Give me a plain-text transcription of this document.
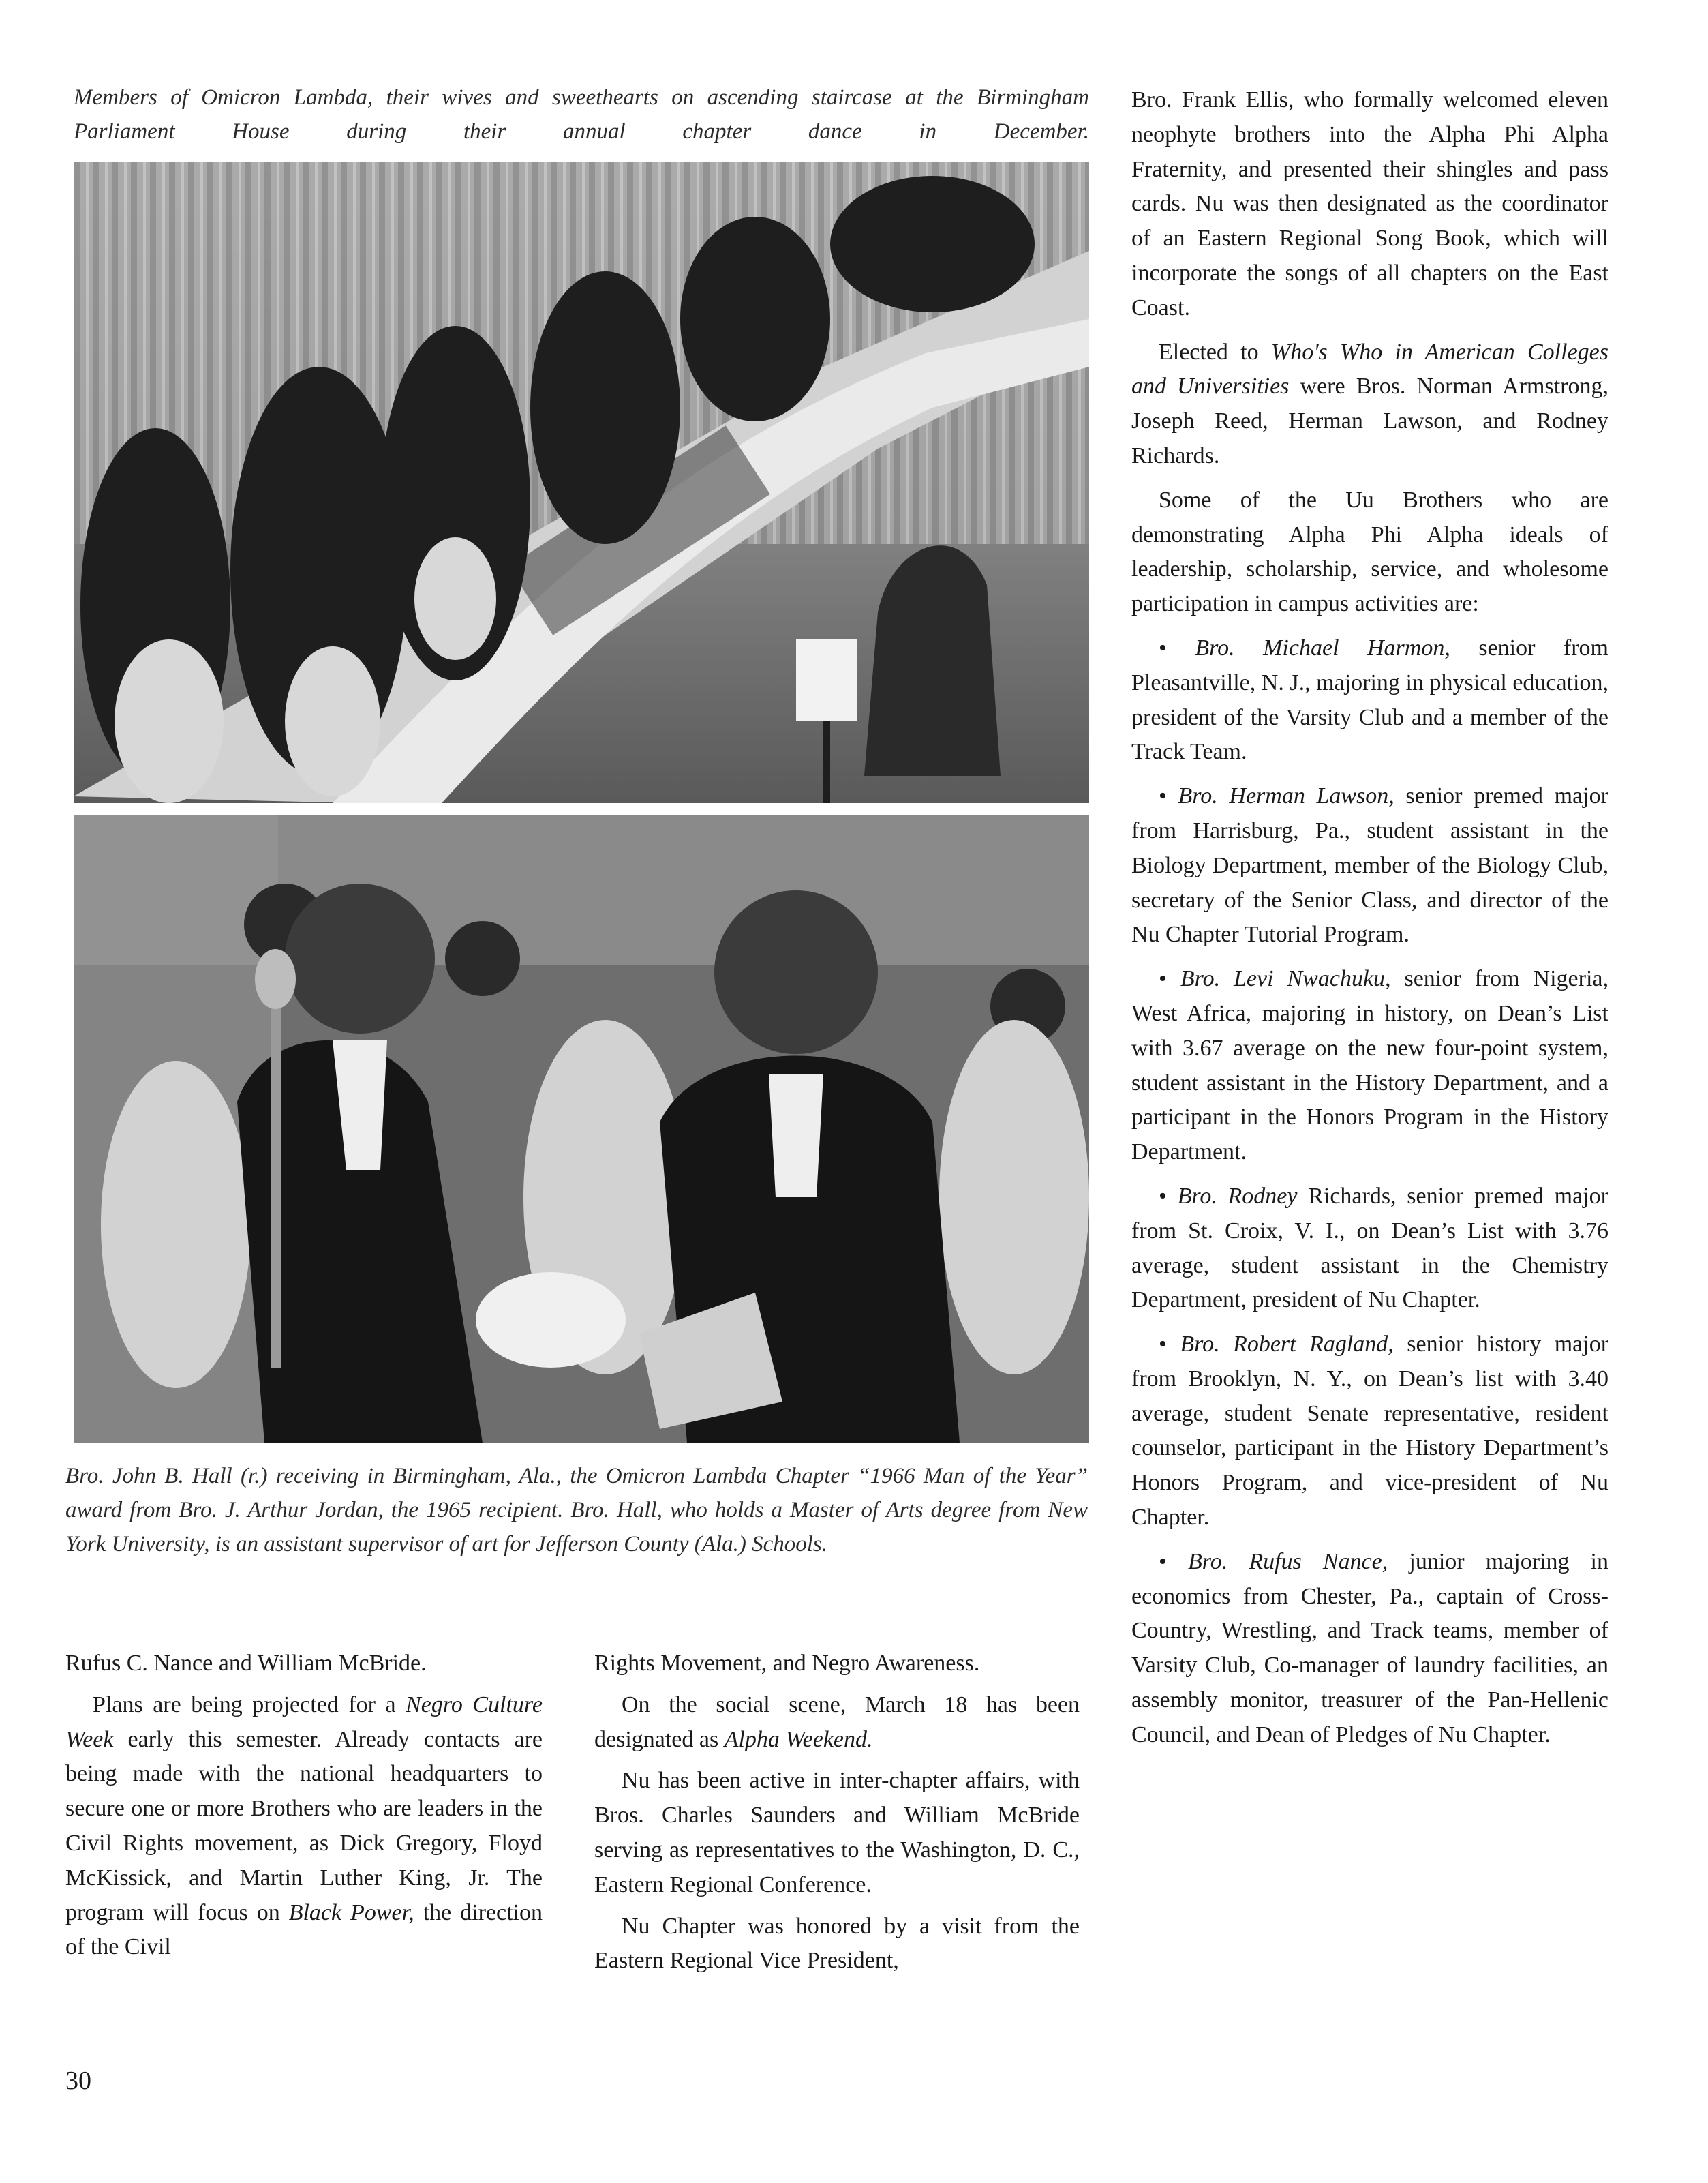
Members of Omicron Lambda, their wives and sweethearts on ascending staircase at the Birmingham Parliament House during their annual chapter dance in December.
Bro. John B. Hall (r.) receiving in Birmingham, Ala., the Omicron Lambda Chapter “1966 Man of the Year” award from Bro. J. Arthur Jordan, the 1965 recipient. Bro. Hall, who holds a Master of Arts degree from New York University, is an assistant supervisor of art for Jefferson County (Ala.) Schools.

Rufus C. Nance and William McBride.

Plans are being projected for a Negro Culture Week early this semester. Already contacts are being made with the national headquarters to secure one or more Brothers who are leaders in the Civil Rights movement, as Dick Gregory, Floyd McKissick, and Martin Luther King, Jr. The program will focus on Black Power, the direction of the Civil

Rights Movement, and Negro Awareness.

On the social scene, March 18 has been designated as Alpha Weekend.

Nu has been active in inter-chapter affairs, with Bros. Charles Saunders and William McBride serving as representatives to the Washington, D. C., Eastern Regional Conference.

Nu Chapter was honored by a visit from the Eastern Regional Vice President,

Bro. Frank Ellis, who formally welcomed eleven neophyte brothers into the Alpha Phi Alpha Fraternity, and presented their shingles and pass cards. Nu was then designated as the coordinator of an Eastern Regional Song Book, which will incorporate the songs of all chapters on the East Coast.

Elected to Who's Who in American Colleges and Universities were Bros. Norman Armstrong, Joseph Reed, Herman Lawson, and Rodney Richards.

Some of the Uu Brothers who are demonstrating Alpha Phi Alpha ideals of leadership, scholarship, service, and wholesome participation in campus activities are:

• Bro. Michael Harmon, senior from Pleasantville, N. J., majoring in physical education, president of the Varsity Club and a member of the Track Team.

• Bro. Herman Lawson, senior premed major from Harrisburg, Pa., student assistant in the Biology Department, member of the Biology Club, secretary of the Senior Class, and director of the Nu Chapter Tutorial Program.

• Bro. Levi Nwachuku, senior from Nigeria, West Africa, majoring in history, on Dean’s List with 3.67 average on the new four-point system, student assistant in the History Department, and a participant in the Honors Program in the History Department.

• Bro. Rodney Richards, senior premed major from St. Croix, V. I., on Dean’s List with 3.76 average, student assistant in the Chemistry Department, president of Nu Chapter.

• Bro. Robert Ragland, senior history major from Brooklyn, N. Y., on Dean’s list with 3.40 average, student Senate representative, resident counselor, participant in the History Department’s Honors Program, and vice-president of Nu Chapter.

• Bro. Rufus Nance, junior majoring in economics from Chester, Pa., captain of Cross-Country, Wrestling, and Track teams, member of Varsity Club, Co-manager of laundry facilities, an assembly monitor, treasurer of the Pan-Hellenic Council, and Dean of Pledges of Nu Chapter.

30
